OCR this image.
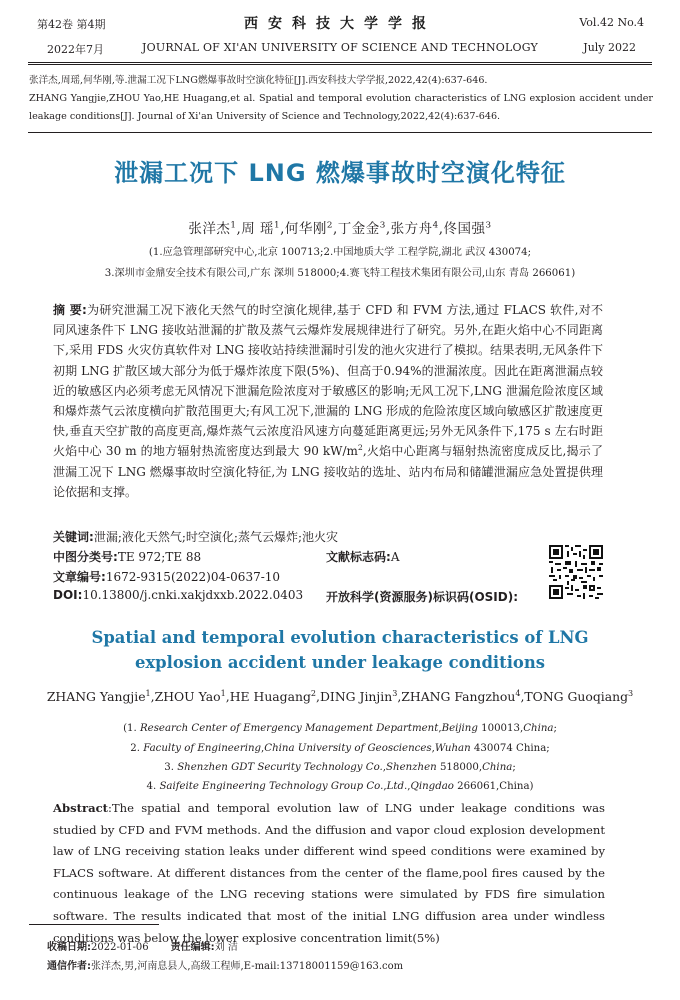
第42卷 第4期
2022年7月
西安科技大学学报
JOURNAL OF XI'AN UNIVERSITY OF SCIENCE AND TECHNOLOGY
Vol.42 No.4
July 2022
张洋杰,周瑶,何华刚,等.泄漏工况下LNG燃爆事故时空演化特征[J].西安科技大学学报,2022,42(4):637-646.
ZHANG Yangjie,ZHOU Yao,HE Huagang,et al. Spatial and temporal evolution characteristics of LNG explosion accident under leakage conditions[J]. Journal of Xi'an University of Science and Technology,2022,42(4):637-646.
泄漏工况下 LNG 燃爆事故时空演化特征
张洋杰$^1$,周 瑶$^1$,何华刚$^2$,丁金金$^3$,张方舟$^4$,佟国强$^3$
(1.应急管理部研究中心,北京 100713;2.中国地质大学 工程学院,湖北 武汉 430074;
3.深圳市金鼎安全技术有限公司,广东 深圳 518000;4.赛飞特工程技术集团有限公司,山东 青岛 266061)
摘 要:为研究泄漏工况下液化天然气的时空演化规律,基于 CFD 和 FVM 方法,通过 FLACS 软件,对不同风速条件下 LNG 接收站泄漏的扩散及蒸气云爆炸发展规律进行了研究。另外,在距火焰中心不同距离下,采用 FDS 火灾仿真软件对 LNG 接收站持续泄漏时引发的池火灾进行了模拟。结果表明,无风条件下初期 LNG 扩散区域大部分为低于爆炸浓度下限(5%)、但高于0.94%的泄漏浓度。因此在距离泄漏点较近的敏感区内必须考虑无风情况下泄漏危险浓度对于敏感区的影响;无风工况下,LNG 泄漏危险浓度区域和爆炸蒸气云浓度横向扩散范围更大;有风工况下,泄漏的 LNG 形成的危险浓度区域向敏感区扩散速度更快,垂直天空扩散的高度更高,爆炸蒸气云浓度沿风速方向蔓延距离更远;另外无风条件下,175 s 左右时距火焰中心 30 m 的地方辐射热流密度达到最大 90 $kW/m^2$,火焰中心距离与辐射热流密度成反比,揭示了泄漏工况下 LNG 燃爆事故时空演化特征,为 LNG 接收站的选址、站内布局和储罐泄漏应急处置提供理论依据和支撑。
关键词:泄漏;液化天然气;时空演化;蒸气云爆炸;池火灾
中图分类号:TE 972;TE 88	文献标志码:A
文章编号:1672-9315(2022)04-0637-10
DOI:10.13800/j.cnki.xakjdxxb.2022.0403 开放科学(资源服务)标识码(OSID):
Spatial and temporal evolution characteristics of LNG
explosion accident under leakage conditions
ZHANG Yangjie$^1$,ZHOU Yao$^1$,HE Huagang$^2$,DING Jinjin$^3$,ZHANG Fangzhou$^4$,TONG Guoqiang$^3$
(1. Research Center of Emergency Management Department,Beijing 100013,China;
2. Faculty of Engineering,China University of Geosciences,Wuhan 430074 China;
3. Shenzhen GDT Security Technology Co.,Shenzhen 518000,China;
4. Saifeite Engineering Technology Group Co.,Ltd.,Qingdao 266061,China)
Abstract:The spatial and temporal evolution law of LNG under leakage conditions was studied by CFD and FVM methods. And the diffusion and vapor cloud explosion development law of LNG receiving station leaks under different wind speed conditions were examined by FLACS software. At different distances from the center of the flame,pool fires caused by the continuous leakage of the LNG receving stations were simulated by FDS fire simulation software. The results indicated that most of the initial LNG diffusion area under windless conditions was below the lower explosive concentration limit(5%)
收稿日期:2022-01-06 责任编辑:刘 洁
通信作者:张洋杰,男,河南息县人,高级工程师,E-mail:13718001159@163.com
